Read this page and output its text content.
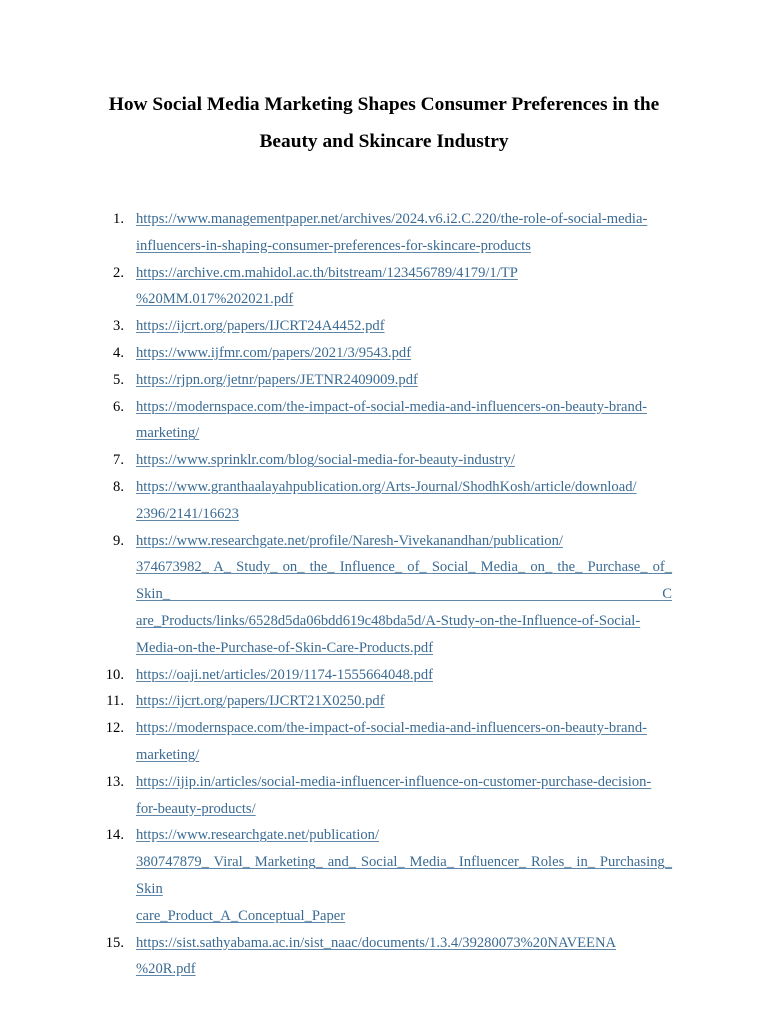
How Social Media Marketing Shapes Consumer Preferences in the
Beauty and Skincare Industry
1. https://www.managementpaper.net/archives/2024.v6.i2.C.220/the-role-of-social-media-
influencers-in-shaping-consumer-preferences-for-skincare-products
2. https://archive.cm.mahidol.ac.th/bitstream/123456789/4179/1/TP
%20MM.017%202021.pdf
3. https://ijcrt.org/papers/IJCRT24A4452.pdf
4. https://www.ijfmr.com/papers/2021/3/9543.pdf
5. https://rjpn.org/jetnr/papers/JETNR2409009.pdf
6. https://modernspace.com/the-impact-of-social-media-and-influencers-on-beauty-brand-
marketing/
7. https://www.sprinklr.com/blog/social-media-for-beauty-industry/
8. https://www.granthaalayahpublication.org/Arts-Journal/ShodhKosh/article/download/
2396/2141/16623
9. https://www.researchgate.net/profile/Naresh-Vivekanandhan/publication/
374673982_ A_ Study_ on_ the_ Influence_ of_ Social_ Media_ on_ the_ Purchase_ of_ Skin_	C
are_Products/links/6528d5da06bdd619c48bda5d/A-Study-on-the-Influence-of-Social-
Media-on-the-Purchase-of-Skin-Care-Products.pdf
10. https://oaji.net/articles/2019/1174-1555664048.pdf
11. https://ijcrt.org/papers/IJCRT21X0250.pdf
12. https://modernspace.com/the-impact-of-social-media-and-influencers-on-beauty-brand-
marketing/
13. https://ijip.in/articles/social-media-influencer-influence-on-customer-purchase-decision-
for-beauty-products/
14. https://www.researchgate.net/publication/
380747879_ Viral_ Marketing_ and_ Social_ Media_ Influencer_ Roles_ in_ Purchasing_ Skin
care_Product_A_Conceptual_Paper
15. https://sist.sathyabama.ac.in/sist_naac/documents/1.3.4/39280073%20NAVEENA
%20R.pdf
